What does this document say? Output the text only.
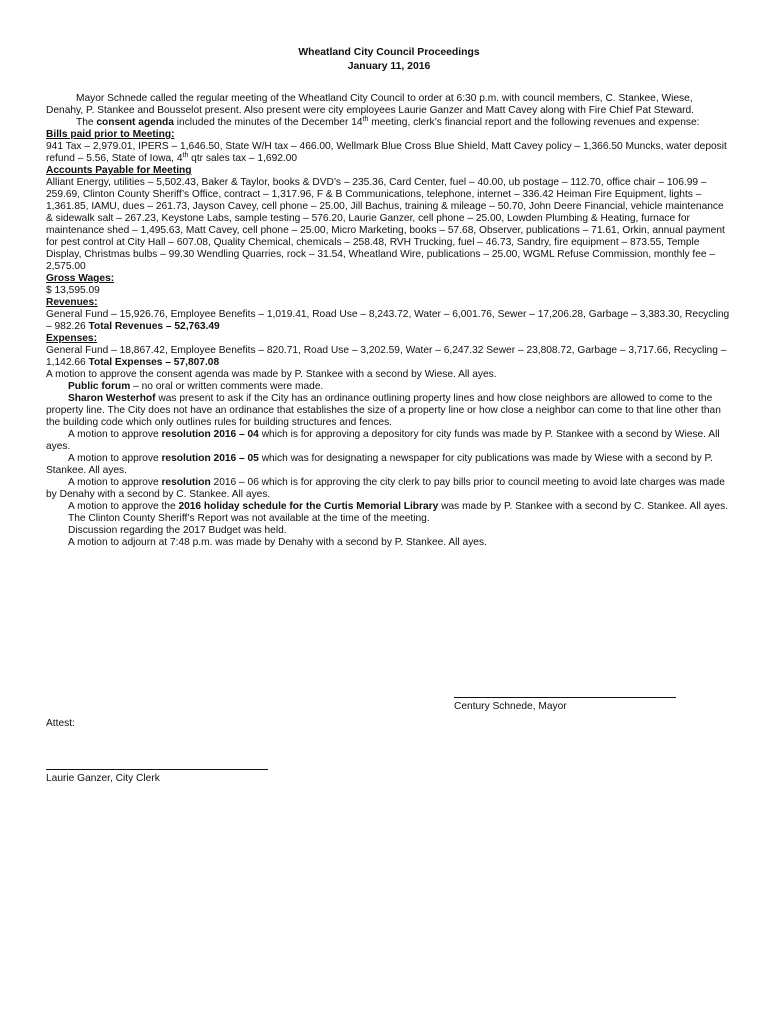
Wheatland City Council Proceedings
January 11, 2016

Mayor Schnede called the regular meeting of the Wheatland City Council to order at 6:30 p.m. with council members, C. Stankee, Wiese, Denahy, P. Stankee and Bousselot present. Also present were city employees Laurie Ganzer and Matt Cavey along with Fire Chief Pat Steward.

The consent agenda included the minutes of the December 14th meeting, clerk’s financial report and the following revenues and expense:

Bills paid prior to Meeting:

941 Tax – 2,979.01, IPERS – 1,646.50, State W/H tax – 466.00, Wellmark Blue Cross Blue Shield, Matt Cavey policy – 1,366.50 Muncks, water deposit refund – 5.56, State of Iowa, 4th qtr sales tax – 1,692.00

Accounts Payable for Meeting

Alliant Energy, utilities – 5,502.43, Baker & Taylor, books & DVD’s – 235.36, Card Center, fuel – 40.00, ub postage – 112.70, office chair – 106.99 – 259.69, Clinton County Sheriff’s Office, contract – 1,317.96, F & B Communications, telephone, internet – 336.42 Heiman Fire Equipment, lights – 1,361.85, IAMU, dues – 261.73, Jayson Cavey, cell phone – 25.00, Jill Bachus, training & mileage – 50.70, John Deere Financial, vehicle maintenance & sidewalk salt – 267.23, Keystone Labs, sample testing – 576.20, Laurie Ganzer, cell phone – 25.00, Lowden Plumbing & Heating, furnace for maintenance shed – 1,495.63, Matt Cavey, cell phone – 25.00, Micro Marketing, books – 57.68, Observer, publications – 71.61, Orkin, annual payment for pest control at City Hall – 607.08, Quality Chemical, chemicals – 258.48, RVH Trucking, fuel – 46.73, Sandry, fire equipment – 873.55, Temple Display, Christmas bulbs – 99.30 Wendling Quarries, rock – 31.54, Wheatland Wire, publications – 25.00, WGML Refuse Commission, monthly fee – 2,575.00

Gross Wages:

$ 13,595.09

Revenues:

General Fund – 15,926.76, Employee Benefits – 1,019.41, Road Use – 8,243.72, Water – 6,001.76, Sewer – 17,206.28, Garbage – 3,383.30, Recycling – 982.26 Total Revenues – 52,763.49

Expenses:

General Fund – 18,867.42, Employee Benefits – 820.71, Road Use – 3,202.59, Water – 6,247.32 Sewer – 23,808.72, Garbage – 3,717.66, Recycling – 1,142.66 Total Expenses – 57,807.08

A motion to approve the consent agenda was made by P. Stankee with a second by Wiese. All ayes.

Public forum – no oral or written comments were made.

Sharon Westerhof was present to ask if the City has an ordinance outlining property lines and how close neighbors are allowed to come to the property line. The City does not have an ordinance that establishes the size of a property line or how close a neighbor can come to that line other than the building code which only outlines rules for building structures and fences.

A motion to approve resolution 2016 – 04 which is for approving a depository for city funds was made by P. Stankee with a second by Wiese. All ayes.

A motion to approve resolution 2016 – 05 which was for designating a newspaper for city publications was made by Wiese with a second by P. Stankee. All ayes.

A motion to approve resolution 2016 – 06 which is for approving the city clerk to pay bills prior to council meeting to avoid late charges was made by Denahy with a second by C. Stankee. All ayes.

A motion to approve the 2016 holiday schedule for the Curtis Memorial Library was made by P. Stankee with a second by C. Stankee. All ayes.

The Clinton County Sheriff’s Report was not available at the time of the meeting.

Discussion regarding the 2017 Budget was held.

A motion to adjourn at 7:48 p.m. was made by Denahy with a second by P. Stankee. All ayes.

Century Schnede, Mayor
Attest:
Laurie Ganzer, City Clerk
